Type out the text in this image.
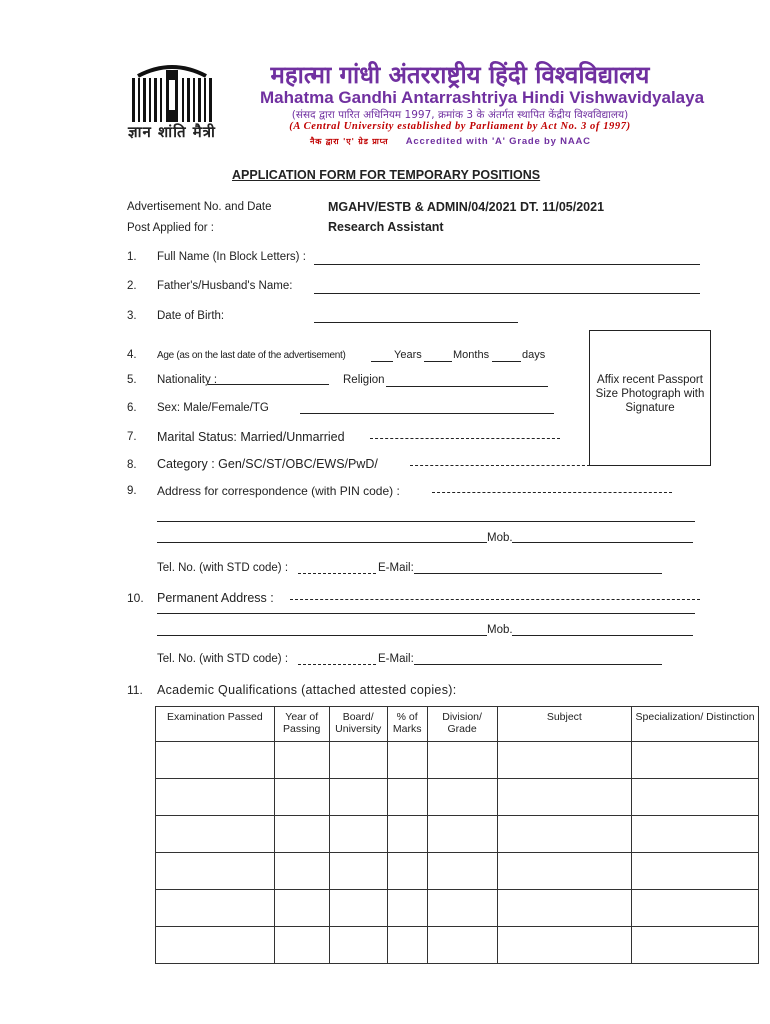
ज्ञान शांति मैत्री
महात्मा गांधी अंतरराष्ट्रीय हिंदी विश्वविद्यालय
Mahatma Gandhi Antarrashtriya Hindi Vishwavidyalaya
(संसद द्वारा पारित अधिनियम 1997, क्रमांक 3 के अंतर्गत स्थापित केंद्रीय विश्वविद्यालय)
(A Central University established by Parliament by Act No. 3 of 1997)
नैक द्वारा 'ए' ग्रेड प्राप्त Accredited with 'A' Grade by NAAC
APPLICATION FORM FOR TEMPORARY POSITIONS
Advertisement No. and Date	MGAHV/ESTB & ADMIN/04/2021 DT. 11/05/2021
Post Applied for :	Research Assistant
1. Full Name (In Block Letters) :
2. Father's/Husband's Name:
3. Date of Birth:
Affix recent Passport Size Photograph with Signature
4. Age (as on the last date of the advertisement)	Years	Months	days
5. Nationality :	Religion
6. Sex: Male/Female/TG
7. Marital Status: Married/Unmarried
8. Category : Gen/SC/ST/OBC/EWS/PwD/
9. Address for correspondence (with PIN code) :
Mob.
Tel. No. (with STD code) :	E-Mail:
10. Permanent Address :
Mob.
Tel. No. (with STD code) :	E-Mail:
11. Academic Qualifications (attached attested copies):
Examination Passed	Year of Passing	Board/ University	% of Marks	Division/ Grade	Subject	Specialization/ Distinction
